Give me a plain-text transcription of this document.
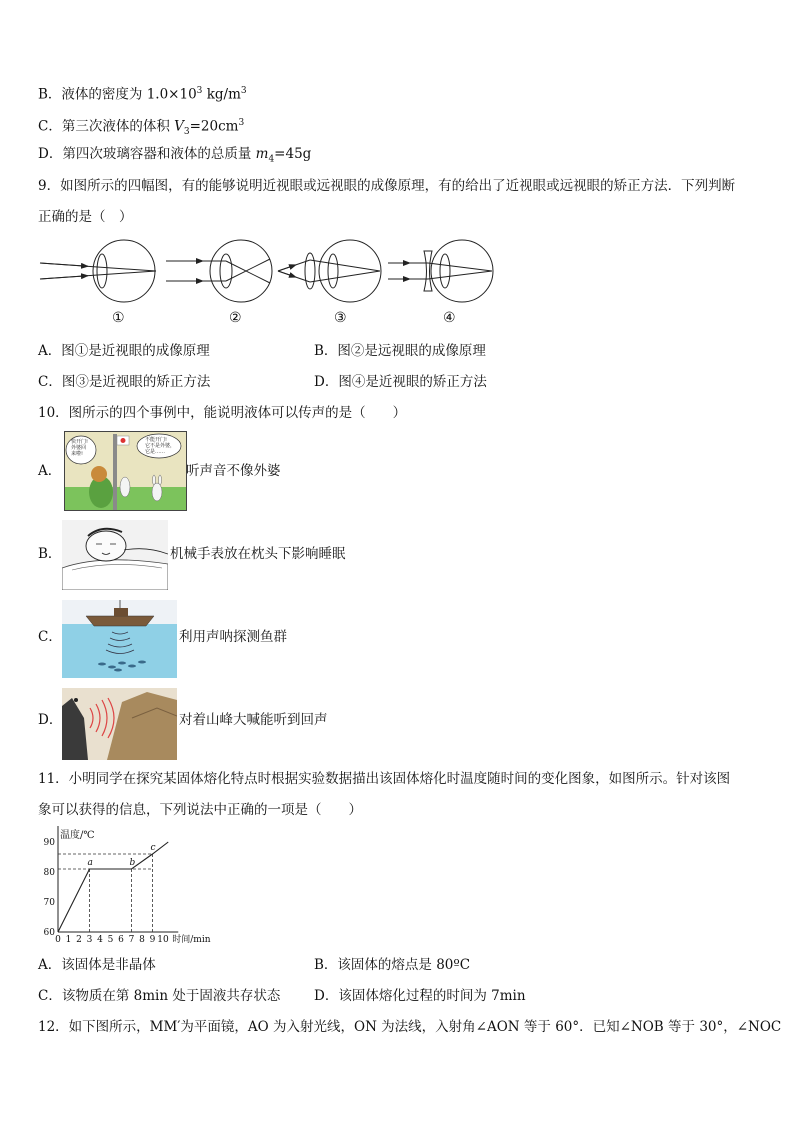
B．液体的密度为 $1.0\times 10^3$ $kg/m^3$
C．第三次液体的体积 $V_3=20cm^3$
D．第四次玻璃容器和液体的总质量 $m_4=45g$
9．如图所示的四幅图，有的能够说明近视眼或远视眼的成像原理，有的给出了近视眼或远视眼的矫正方法．下列判断
正确的是（　）
①	②	③	④
A．图①是近视眼的成像原理	B．图②是远视眼的成像原理
C．图③是近视眼的矫正方法	D．图④是近视眼的矫正方法
10．图所示的四个事例中，能说明液体可以传声的是（　　）
A．
快开门!
外婆回
来啦!
不能开门!
它不是外婆，
它是……
听声音不像外婆
B．	机械手表放在枕头下影响睡眠
C．	利用声呐探测鱼群
D．	对着山峰大喊能听到回声
11．小明同学在探究某固体熔化特点时根据实验数据描出该固体熔化时温度随时间的变化图象，如图所示。针对该图
象可以获得的信息，下列说法中正确的一项是（　　）
60
70
80
90
0 1 2 3 4 5 6 7 8 9 10
温度/℃
时间/min
a	b
c
A．该固体是非晶体	B．该固体的熔点是 80ºC
C．该物质在第 8min 处于固液共存状态 D．该固体熔化过程的时间为 7min
12．如下图所示，MM′为平面镜，AO 为入射光线，ON 为法线，入射角∠AON 等于 60°．已知∠NOB 等于 30°，∠NOC
